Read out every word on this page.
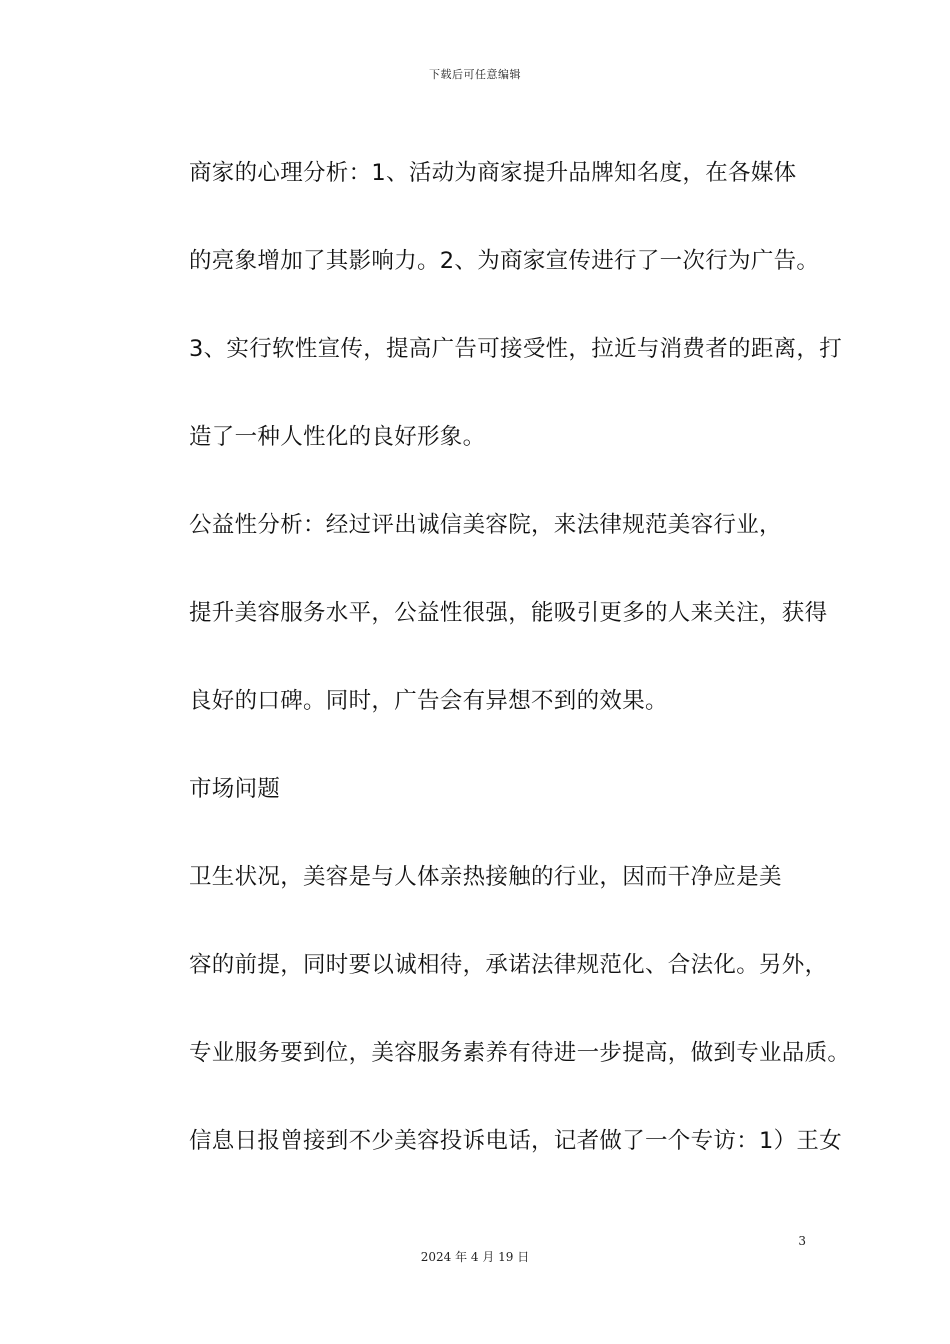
下载后可任意编辑

商家的心理分析：1、活动为商家提升品牌知名度，在各媒体
的亮象增加了其影响力。2、为商家宣传进行了一次行为广告。
3、实行软性宣传，提高广告可接受性，拉近与消费者的距离，打
造了一种人性化的良好形象。

公益性分析：经过评出诚信美容院，来法律规范美容行业，
提升美容服务水平，公益性很强，能吸引更多的人来关注，获得
良好的口碑。同时，广告会有异想不到的效果。

市场问题

卫生状况，美容是与人体亲热接触的行业，因而干净应是美
容的前提，同时要以诚相待，承诺法律规范化、合法化。另外，
专业服务要到位，美容服务素养有待进一步提高，做到专业品质。
信息日报曾接到不少美容投诉电话，记者做了一个专访：1）王女

3
2024 年 4 月 19 日
